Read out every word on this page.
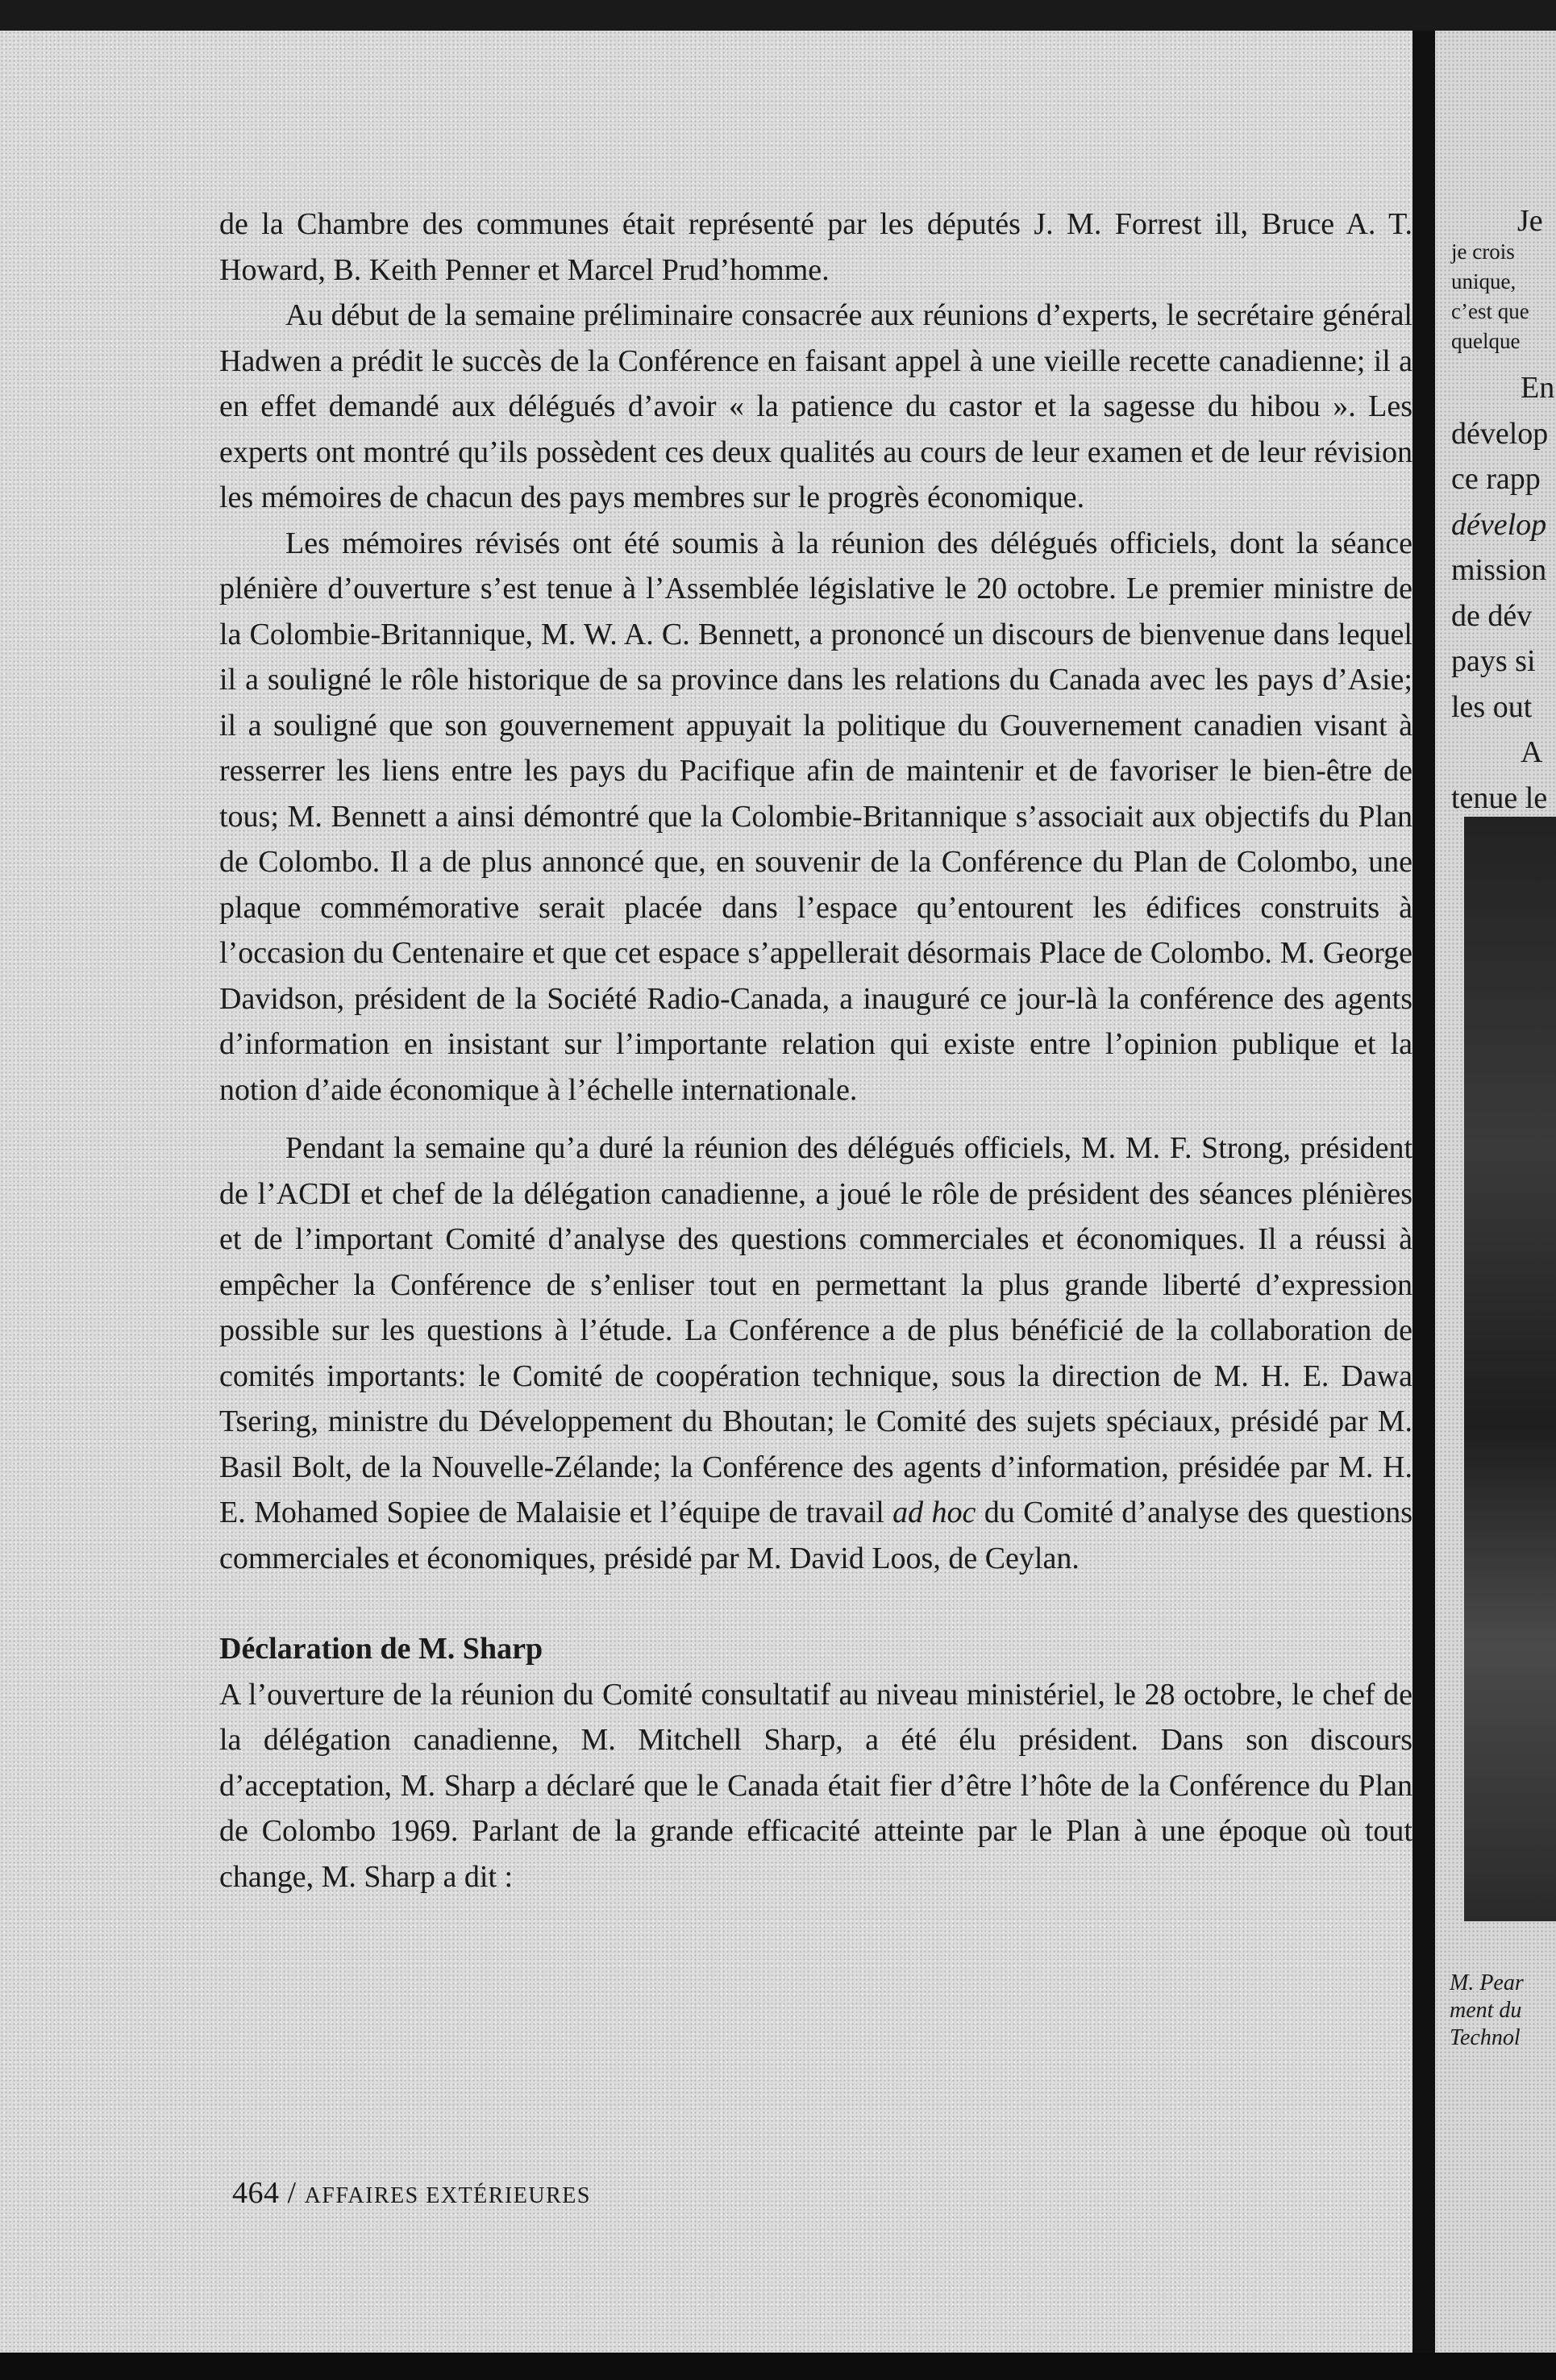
de la Chambre des communes était représenté par les députés J. M. Forrest ill, Bruce A. T. Howard, B. Keith Penner et Marcel Prud’homme.

Au début de la semaine préliminaire consacrée aux réunions d’experts, le secrétaire général Hadwen a prédit le succès de la Conférence en faisant appel à une vieille recette canadienne; il a en effet demandé aux délégués d’avoir « la patience du castor et la sagesse du hibou ». Les experts ont montré qu’ils possèdent ces deux qualités au cours de leur examen et de leur révision les mémoires de chacun des pays membres sur le progrès économique.

Les mémoires révisés ont été soumis à la réunion des délégués officiels, dont la séance plénière d’ouverture s’est tenue à l’Assemblée législative le 20 octobre. Le premier ministre de la Colombie-Britannique, M. W. A. C. Bennett, a prononcé un discours de bienvenue dans lequel il a souligné le rôle historique de sa province dans les relations du Canada avec les pays d’Asie; il a souligné que son gouvernement appuyait la politique du Gouvernement canadien visant à resserrer les liens entre les pays du Pacifique afin de maintenir et de favoriser le bien-être de tous; M. Bennett a ainsi démontré que la Colombie-Britannique s’associait aux objectifs du Plan de Colombo. Il a de plus annoncé que, en souvenir de la Conférence du Plan de Colombo, une plaque commémorative serait placée dans l’espace qu’entourent les édifices construits à l’occasion du Centenaire et que cet espace s’appellerait désormais Place de Colombo. M. George Davidson, président de la Société Radio-Canada, a inauguré ce jour-là la conférence des agents d’information en insistant sur l’importante relation qui existe entre l’opinion publique et la notion d’aide économique à l’échelle internationale.

Pendant la semaine qu’a duré la réunion des délégués officiels, M. M. F. Strong, président de l’ACDI et chef de la délégation canadienne, a joué le rôle de président des séances plénières et de l’important Comité d’analyse des questions commerciales et économiques. Il a réussi à empêcher la Conférence de s’enliser tout en permettant la plus grande liberté d’expression possible sur les questions à l’étude. La Conférence a de plus bénéficié de la collaboration de comités importants: le Comité de coopération technique, sous la direction de M. H. E. Dawa Tsering, ministre du Développement du Bhoutan; le Comité des sujets spéciaux, présidé par M. Basil Bolt, de la Nouvelle-Zélande; la Conférence des agents d’information, présidée par M. H. E. Mohamed Sopiee de Malaisie et l’équipe de travail ad hoc du Comité d’analyse des questions commerciales et économiques, présidé par M. David Loos, de Ceylan.

Déclaration de M. Sharp

A l’ouverture de la réunion du Comité consultatif au niveau ministériel, le 28 octobre, le chef de la délégation canadienne, M. Mitchell Sharp, a été élu président. Dans son discours d’acceptation, M. Sharp a déclaré que le Canada était fier d’être l’hôte de la Conférence du Plan de Colombo 1969. Parlant de la grande efficacité atteinte par le Plan à une époque où tout change, M. Sharp a dit :

464 / AFFAIRES EXTÉRIEURES
Je
je crois
unique,
c’est que
quelque
En
dévelop
ce rapp
dévelop
mission
de dév
pays si
les out
A
tenue le
M. Pear
ment du
Technol
